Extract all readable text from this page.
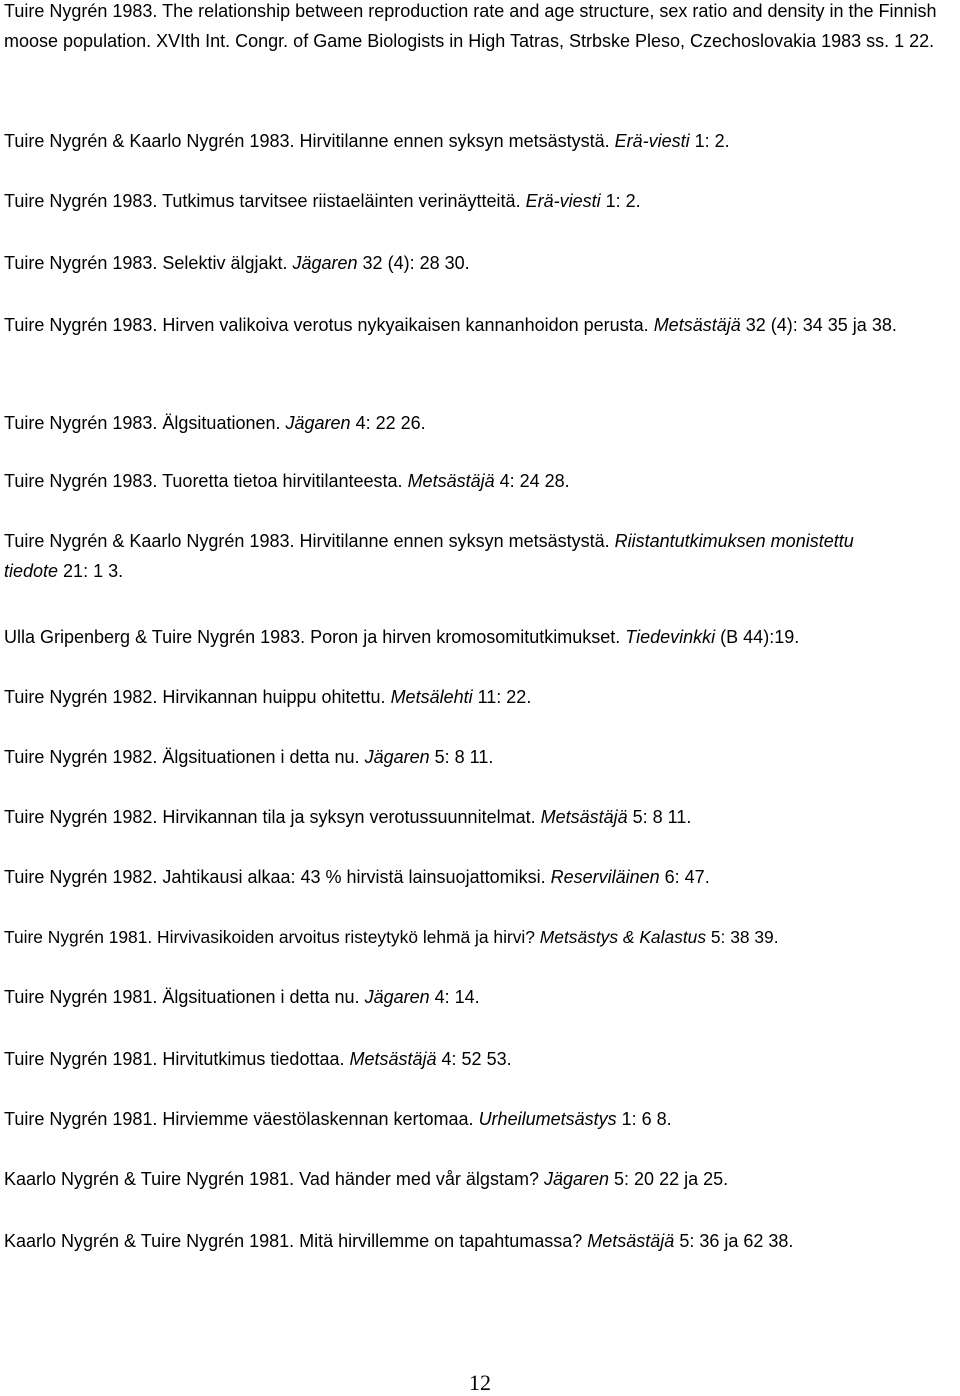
Tuire Nygrén 1983. The relationship between reproduction rate and age structure, sex ratio and density in the Finnish moose population. XVIth Int. Congr. of Game Biologists in High Tatras, Strbske Pleso, Czechoslovakia 1983 ss. 1 22.

Tuire Nygrén & Kaarlo Nygrén 1983. Hirvitilanne ennen syksyn metsästystä. Erä-viesti 1: 2.

Tuire Nygrén 1983. Tutkimus tarvitsee riistaeläinten verinäytteitä. Erä-viesti 1: 2.

Tuire Nygrén 1983. Selektiv älgjakt. Jägaren 32 (4): 28 30.

Tuire Nygrén 1983. Hirven valikoiva verotus nykyaikaisen kannanhoidon perusta. Metsästäjä 32 (4): 34 35 ja 38.

Tuire Nygrén 1983. Älgsituationen. Jägaren 4: 22 26.

Tuire Nygrén 1983. Tuoretta tietoa hirvitilanteesta. Metsästäjä 4: 24 28.

Tuire Nygrén & Kaarlo Nygrén 1983. Hirvitilanne ennen syksyn metsästystä. Riistantutkimuksen monistettu tiedote 21: 1 3.

Ulla Gripenberg & Tuire Nygrén 1983. Poron ja hirven kromosomitutkimukset. Tiedevinkki (B 44):19.

Tuire Nygrén 1982. Hirvikannan huippu ohitettu. Metsälehti 11: 22.

Tuire Nygrén 1982. Älgsituationen i detta nu. Jägaren 5: 8 11.

Tuire Nygrén 1982. Hirvikannan tila ja syksyn verotussuunnitelmat. Metsästäjä 5: 8 11.

Tuire Nygrén 1982. Jahtikausi alkaa: 43 % hirvistä lainsuojattomiksi. Reserviläinen 6: 47.

Tuire Nygrén 1981. Hirvivasikoiden arvoitus risteytykö lehmä ja hirvi? Metsästys & Kalastus 5: 38 39.

Tuire Nygrén 1981. Älgsituationen i detta nu. Jägaren 4: 14.

Tuire Nygrén 1981. Hirvitutkimus tiedottaa. Metsästäjä 4: 52 53.

Tuire Nygrén 1981. Hirviemme väestölaskennan kertomaa. Urheilumetsästys 1: 6 8.

Kaarlo Nygrén & Tuire Nygrén 1981. Vad händer med vår älgstam? Jägaren 5: 20 22 ja 25.

Kaarlo Nygrén & Tuire Nygrén 1981. Mitä hirvillemme on tapahtumassa? Metsästäjä 5: 36 ja 62 38.

12
